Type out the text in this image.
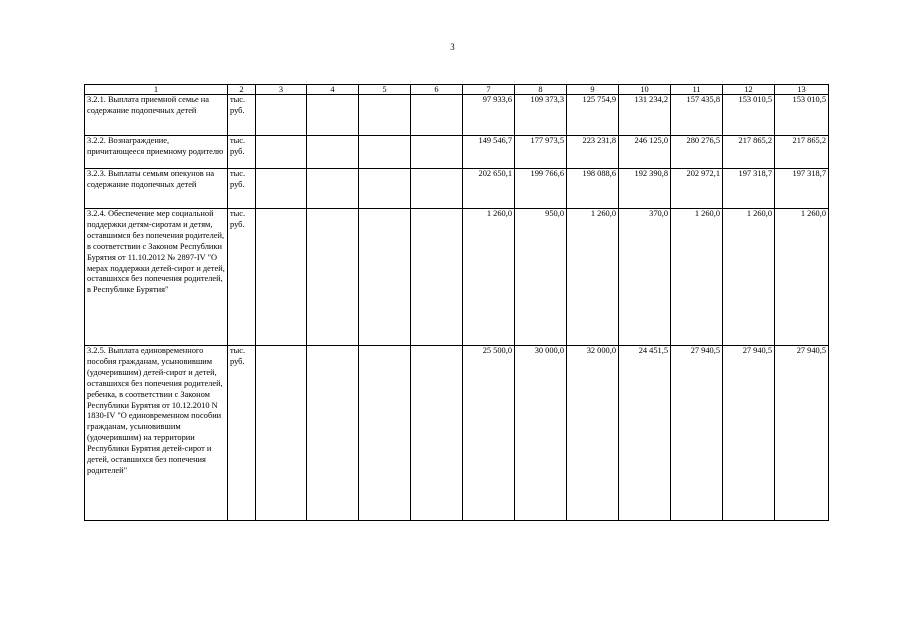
3
1	2	3	4	5	6	7	8	9	10	11	12	13
3.2.1. Выплата приемной семье на содержание подопечных детей	тыс. руб.					97 933,6	109 373,3	125 754,9	131 234,2	157 435,8	153 010,5	153 010,5
3.2.2. Вознаграждение, причитающееся приемному родителю	тыс. руб.					149 546,7	177 973,5	223 231,8	246 125,0	280 276,5	217 865,2	217 865,2
3.2.3. Выплаты семьям опекунов на содержание подопечных детей	тыс. руб.					202 650,1	199 766,6	198 088,6	192 390,8	202 972,1	197 318,7	197 318,7
3.2.4. Обеспечение мер социальной поддержки детям-сиротам и детям, оставшимся без попечения родителей, в соответствии с Законом Республики Бурятия от 11.10.2012 № 2897-IV "О мерах поддержки детей-сирот и детей, оставшихся без попечения родителей, в Республике Бурятия"	тыс. руб.					1 260,0	950,0	1 260,0	370,0	1 260,0	1 260,0	1 260,0
3.2.5. Выплата единовременного пособия гражданам, усыновившим (удочерившим) детей-сирот и детей, оставшихся без попечения родителей, ребенка, в соответствии с Законом Республики Бурятия от 10.12.2010 N 1830-IV "О единовременном пособии гражданам, усыновившим (удочерившим) на территории Республики Бурятия детей-сирот и детей, оставшихся без попечения родителей"	тыс. руб.					25 500,0	30 000,0	32 000,0	24 451,5	27 940,5	27 940,5	27 940,5
